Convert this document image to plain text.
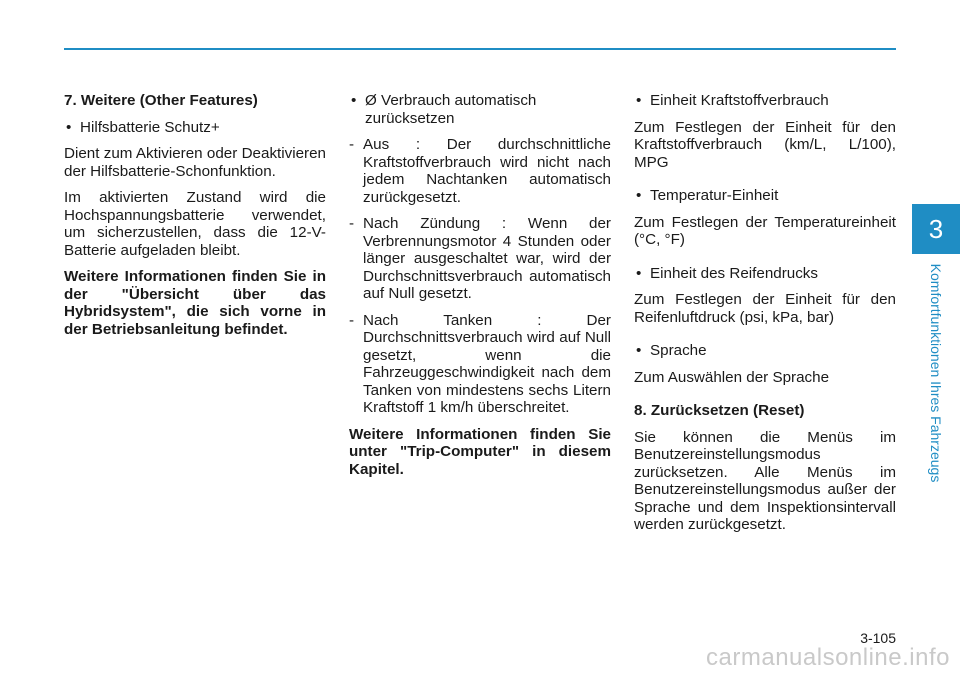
7. Weitere (Other Features)

• Hilfsbatterie Schutz+

Dient zum Aktivieren oder Deaktivieren der Hilfsbatterie-Schonfunktion.

Im aktivierten Zustand wird die Hochspannungsbatterie verwendet, um sicherzustellen, dass die 12-V-Batterie aufgeladen bleibt.

Weitere Informationen finden Sie in der "Übersicht über das Hybridsystem", die sich vorne in der Betriebsanleitung befindet.

• Ø Verbrauch automatisch zurücksetzen

- Aus : Der durchschnittliche Kraftstoffverbrauch wird nicht nach jedem Nachtanken automatisch zurückgesetzt.

- Nach Zündung : Wenn der Verbrennungsmotor 4 Stunden oder länger ausgeschaltet war, wird der Durchschnittsverbrauch automatisch auf Null gesetzt.

- Nach Tanken : Der Durchschnittsverbrauch wird auf Null gesetzt, wenn die Fahrzeuggeschwindigkeit nach dem Tanken von mindestens sechs Litern Kraftstoff 1 km/h überschreitet.

Weitere Informationen finden Sie unter "Trip-Computer" in diesem Kapitel.

• Einheit Kraftstoffverbrauch

Zum Festlegen der Einheit für den Kraftstoffverbrauch (km/L, L/100), MPG

• Temperatur-Einheit

Zum Festlegen der Temperatureinheit (°C, °F)

• Einheit des Reifendrucks

Zum Festlegen der Einheit für den Reifenluftdruck (psi, kPa, bar)

• Sprache

Zum Auswählen der Sprache

8. Zurücksetzen (Reset)

Sie können die Menüs im Benutzereinstellungsmodus zurücksetzen. Alle Menüs im Benutzereinstellungsmodus außer der Sprache und dem Inspektionsintervall werden zurückgesetzt.

3
Komfortfunktionen Ihres Fahrzeugs
3-105
carmanualsonline.info
